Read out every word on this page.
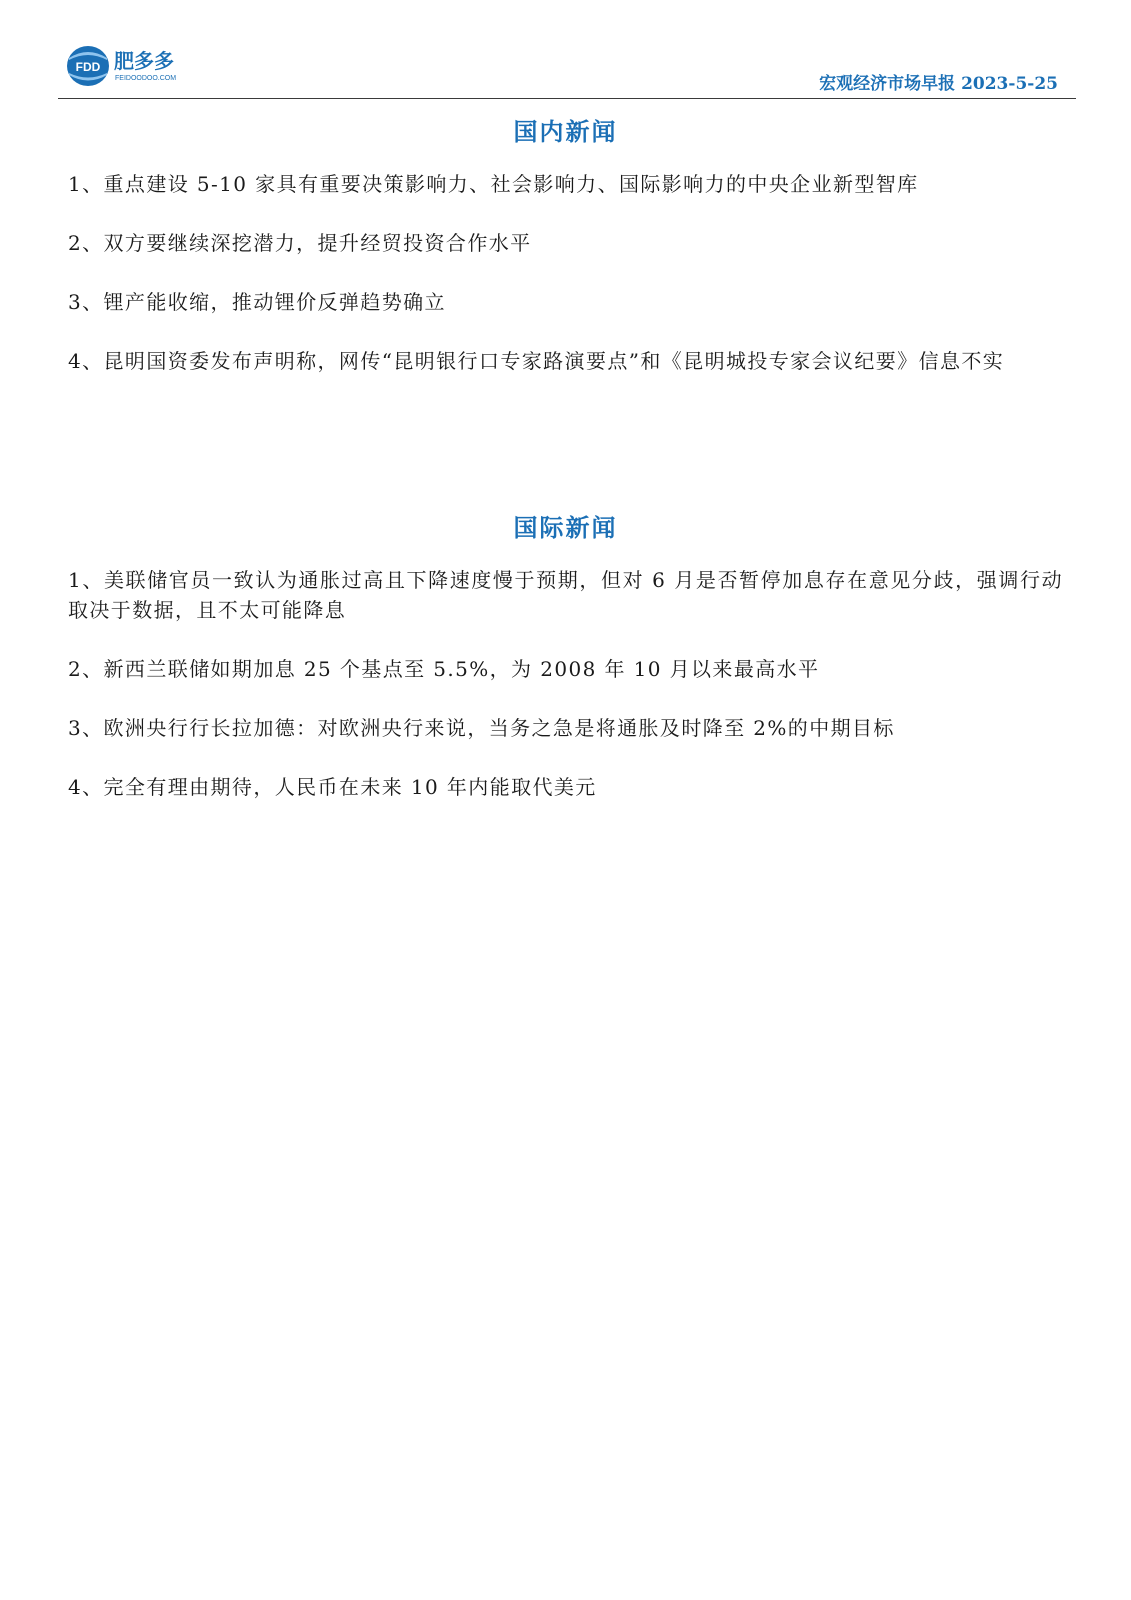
FDD 肥多多
FEIDOODOO.COM	宏观经济市场早报 2023-5-25
国内新闻
1、重点建设 5-10 家具有重要决策影响力、社会影响力、国际影响力的中央企业新型智库
2、双方要继续深挖潜力，提升经贸投资合作水平
3、锂产能收缩，推动锂价反弹趋势确立
4、昆明国资委发布声明称，网传“昆明银行口专家路演要点”和《昆明城投专家会议纪要》信息不实
国际新闻
1、美联储官员一致认为通胀过高且下降速度慢于预期，但对 6 月是否暂停加息存在意见分歧，强调行动取决于数据，且不太可能降息
2、新西兰联储如期加息 25 个基点至 5.5%，为 2008 年 10 月以来最高水平
3、欧洲央行行长拉加德：对欧洲央行来说，当务之急是将通胀及时降至 2%的中期目标
4、完全有理由期待，人民币在未来 10 年内能取代美元
